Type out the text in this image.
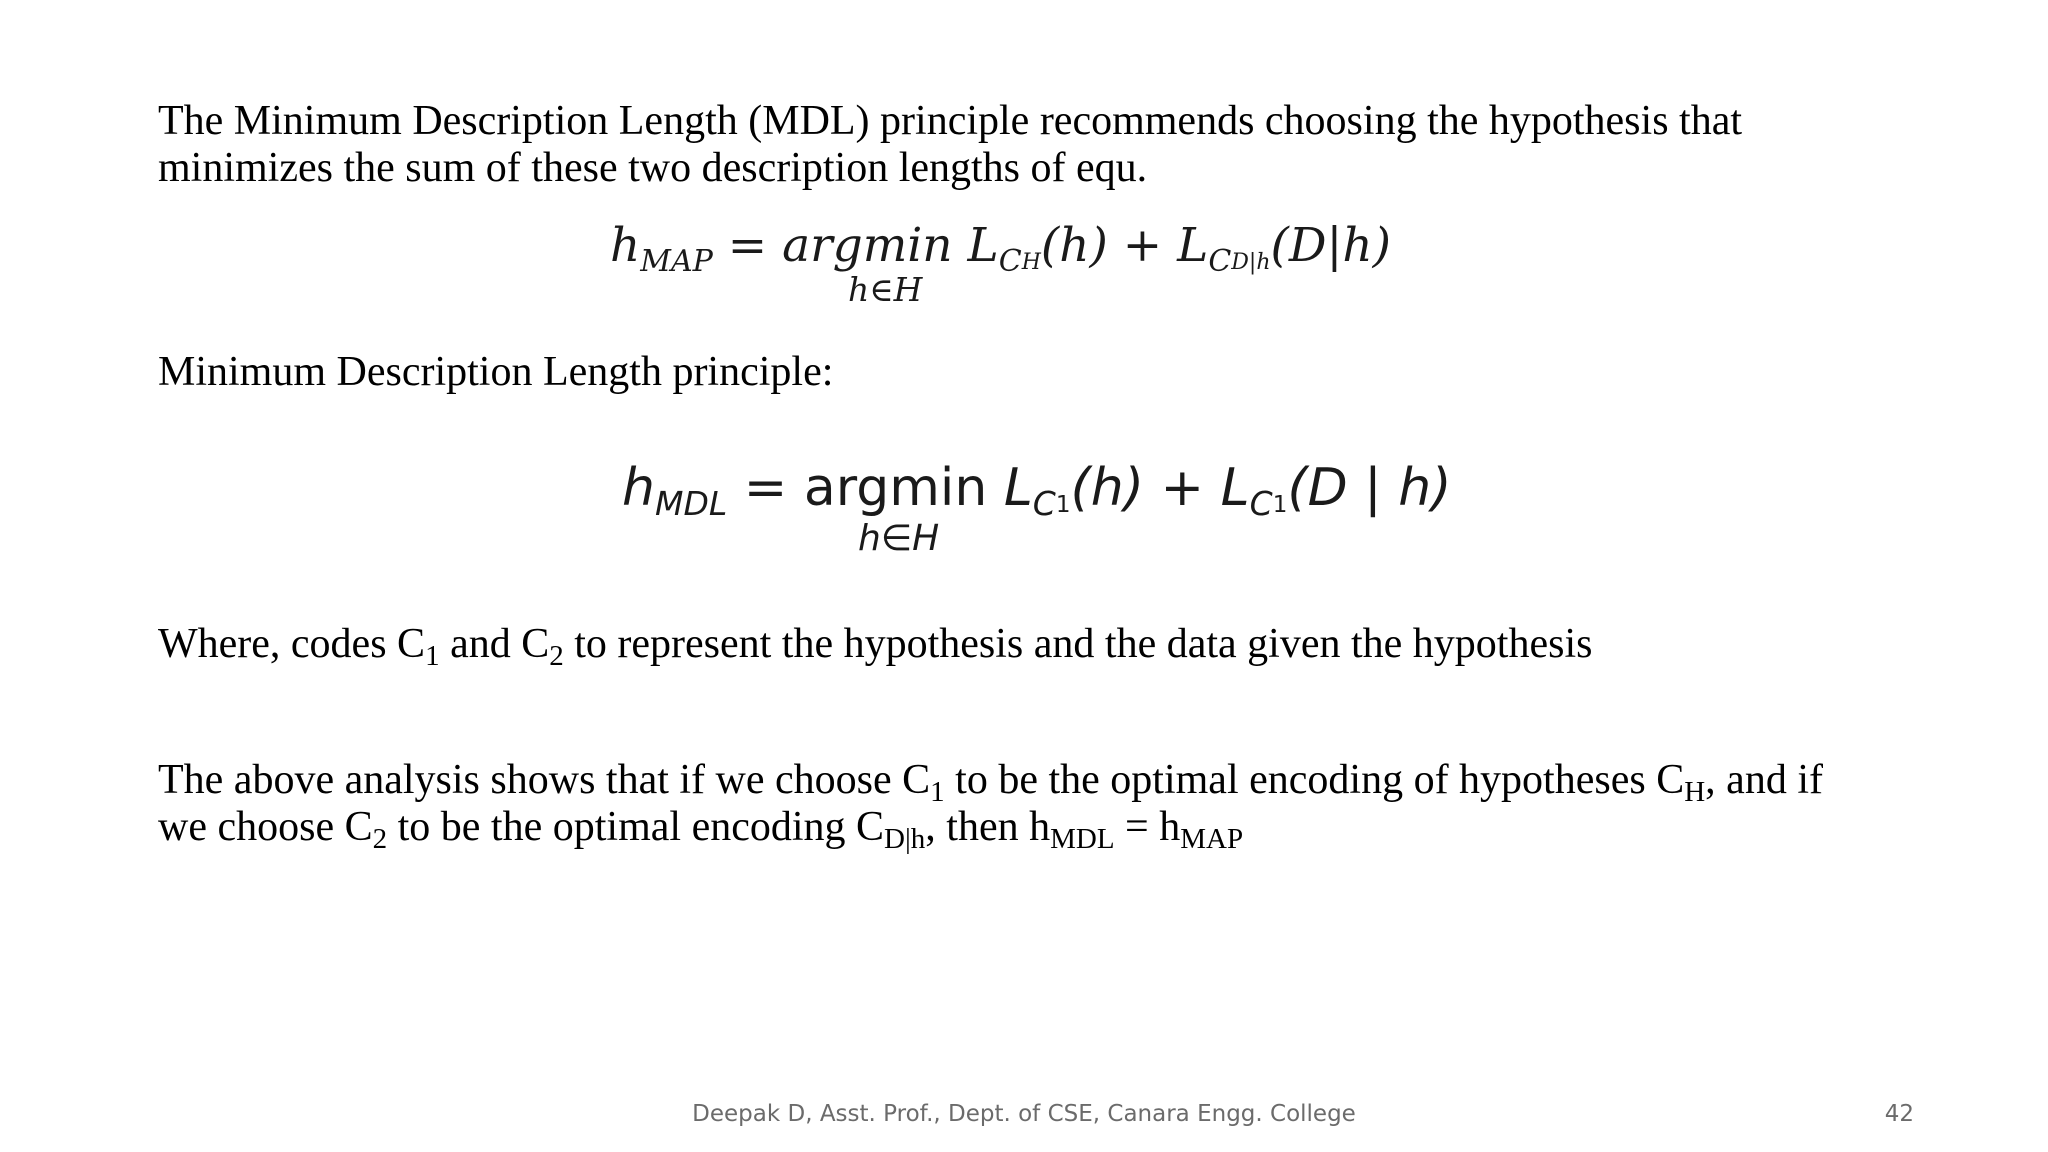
The Minimum Description Length (MDL) principle recommends choosing the hypothesis that
minimizes the sum of these two description lengths of equ.
$h_{MAP} = argmin$ $L_CH(h) + L_CD|h(D|h)$
h∈H
Minimum Description Length principle:
hMDL = argmin LC1(h) + LC1(D | h)
h∈H
Where, codes $C_1$ and $C_2$ to represent the hypothesis and the data given the hypothesis
The above analysis shows that if we choose $C_1$ to be the optimal encoding of hypotheses $C_H$, and if
we choose $C_2$ to be the optimal encoding $C_{D|h}$, then $h_{MDL} = h_{MAP}$
Deepak D, Asst. Prof., Dept. of CSE, Canara Engg. College	42
